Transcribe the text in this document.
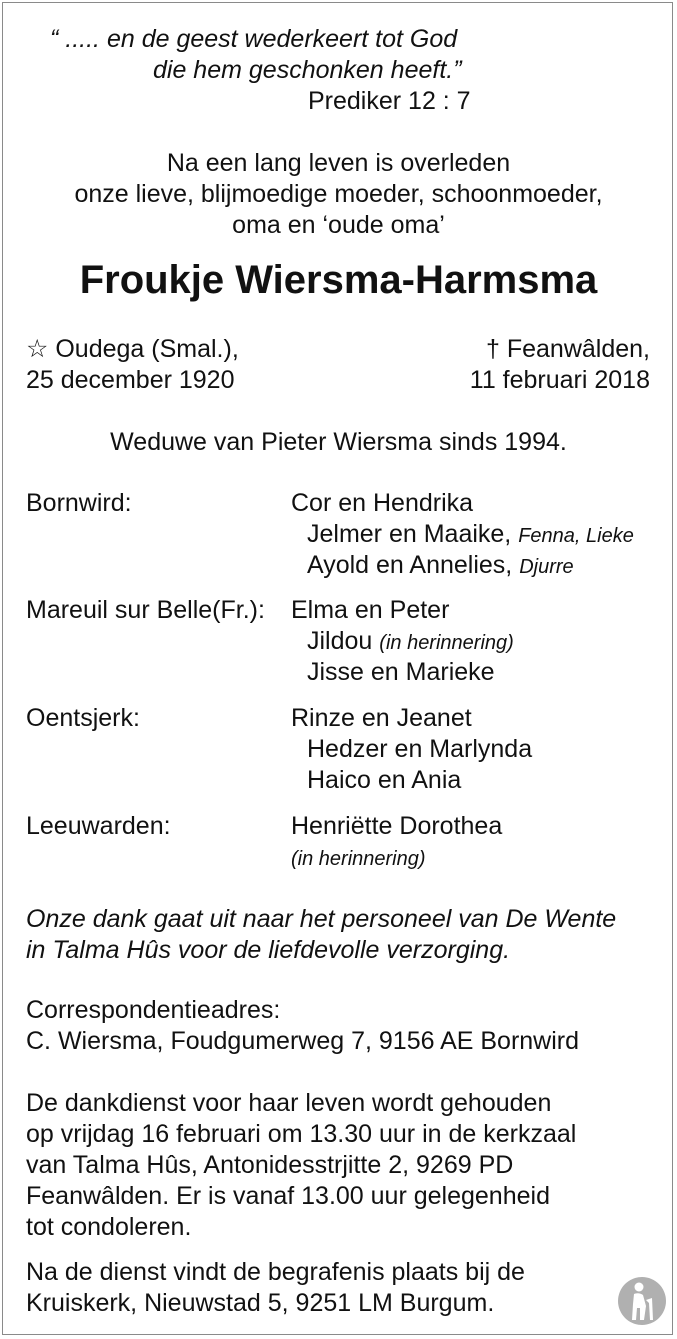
“ ..... en de geest wederkeert tot God
die hem geschonken heeft.”
Prediker 12 : 7
Na een lang leven is overleden
onze lieve, blijmoedige moeder, schoonmoeder,
oma en ‘oude oma’
Froukje Wiersma-Harmsma
☆ Oudega (Smal.),
25 december 1920
† Feanwâlden,
11 februari 2018
Weduwe van Pieter Wiersma sinds 1994.
Bornwird:	Cor en Hendrika
Jelmer en Maaike, Fenna, Lieke
Ayold en Annelies, Djurre
Mareuil sur Belle(Fr.): Elma en Peter
Jildou (in herinnering)
Jisse en Marieke
Oentsjerk:	Rinze en Jeanet
Hedzer en Marlynda
Haico en Ania
Leeuwarden:	Henriëtte Dorothea
(in herinnering)
Onze dank gaat uit naar het personeel van De Wente
in Talma Hûs voor de liefdevolle verzorging.
Correspondentieadres:
C. Wiersma, Foudgumerweg 7, 9156 AE Bornwird
De dankdienst voor haar leven wordt gehouden
op vrijdag 16 februari om 13.30 uur in de kerkzaal
van Talma Hûs, Antonidesstrjitte 2, 9269 PD
Feanwâlden. Er is vanaf 13.00 uur gelegenheid
tot condoleren.
Na de dienst vindt de begrafenis plaats bij de
Kruiskerk, Nieuwstad 5, 9251 LM Burgum.
